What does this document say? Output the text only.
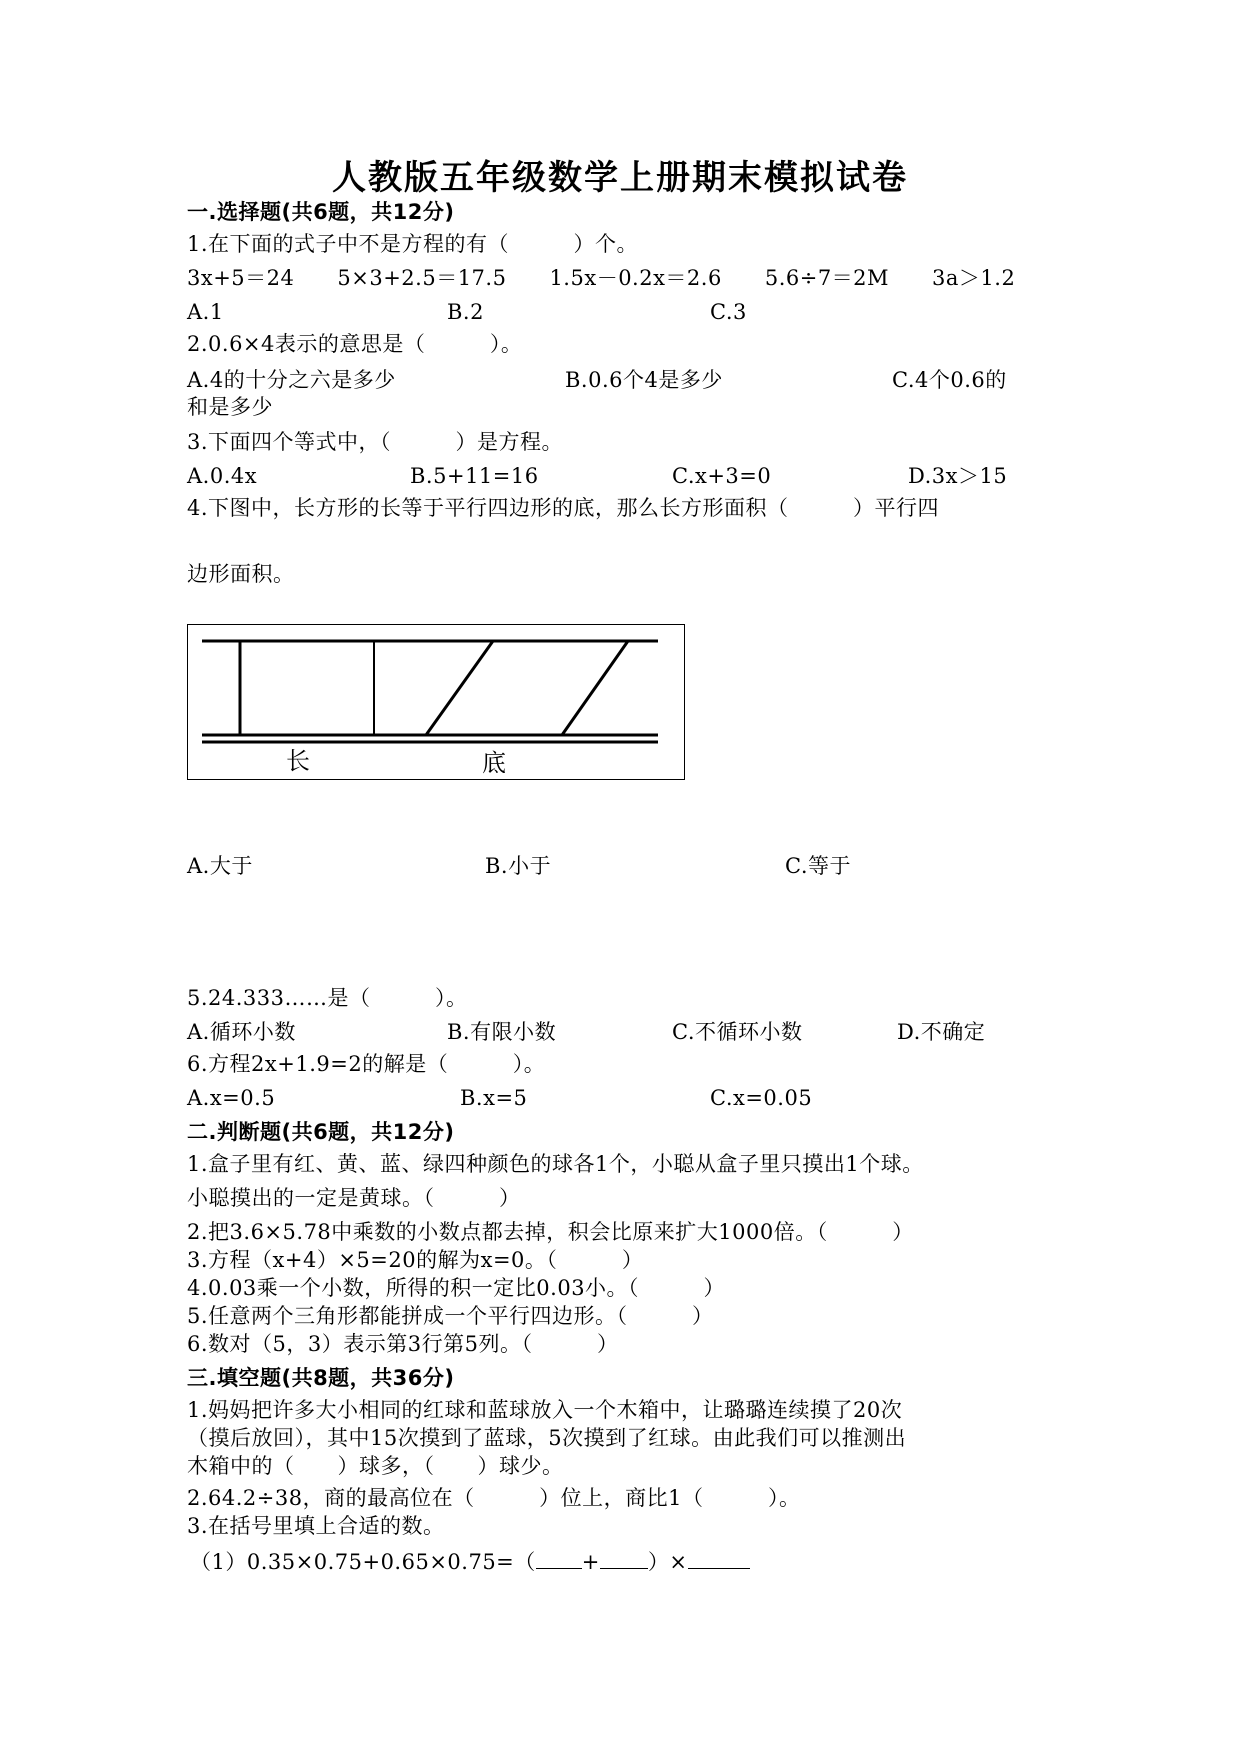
人教版五年级数学上册期末模拟试卷
一.选择题(共6题，共12分)
1.在下面的式子中不是方程的有（　　　）个。
3x+5＝24　　5×3+2.5＝17.5　　1.5x－0.2x＝2.6　　5.6÷7＝2M　　3a＞1.2
A.1	B.2	C.3
2.0.6×4表示的意思是（　　　）。
A.4的十分之六是多少	B.0.6个4是多少	C.4个0.6的
和是多少
3.下面四个等式中，（　　　）是方程。
A.0.4x	B.5+11=16	C.x+3=0	D.3x＞15
4.下图中，长方形的长等于平行四边形的底，那么长方形面积（　　　）平行四
边形面积。
长	底
A.大于	B.小于	C.等于
5.24.333……是（　　　）。
A.循环小数	B.有限小数	C.不循环小数	D.不确定
6.方程2x+1.9=2的解是（　　　）。
A.x=0.5	B.x=5	C.x=0.05
二.判断题(共6题，共12分)
1.盒子里有红、黄、蓝、绿四种颜色的球各1个，小聪从盒子里只摸出1个球。
小聪摸出的一定是黄球。（　　　）
2.把3.6×5.78中乘数的小数点都去掉，积会比原来扩大1000倍。（　　　）
3.方程（x+4）×5=20的解为x=0。（　　　）
4.0.03乘一个小数，所得的积一定比0.03小。（　　　）
5.任意两个三角形都能拼成一个平行四边形。（　　　）
6.数对（5，3）表示第3行第5列。（　　　）
三.填空题(共8题，共36分)
1.妈妈把许多大小相同的红球和蓝球放入一个木箱中，让璐璐连续摸了20次
（摸后放回），其中15次摸到了蓝球，5次摸到了红球。由此我们可以推测出
木箱中的（　　）球多，（　　）球少。
2.64.2÷38，商的最高位在（　　　）位上，商比1（　　　）。
3.在括号里填上合适的数。
（1）0.35×0.75+0.65×0.75=（ + ）×
